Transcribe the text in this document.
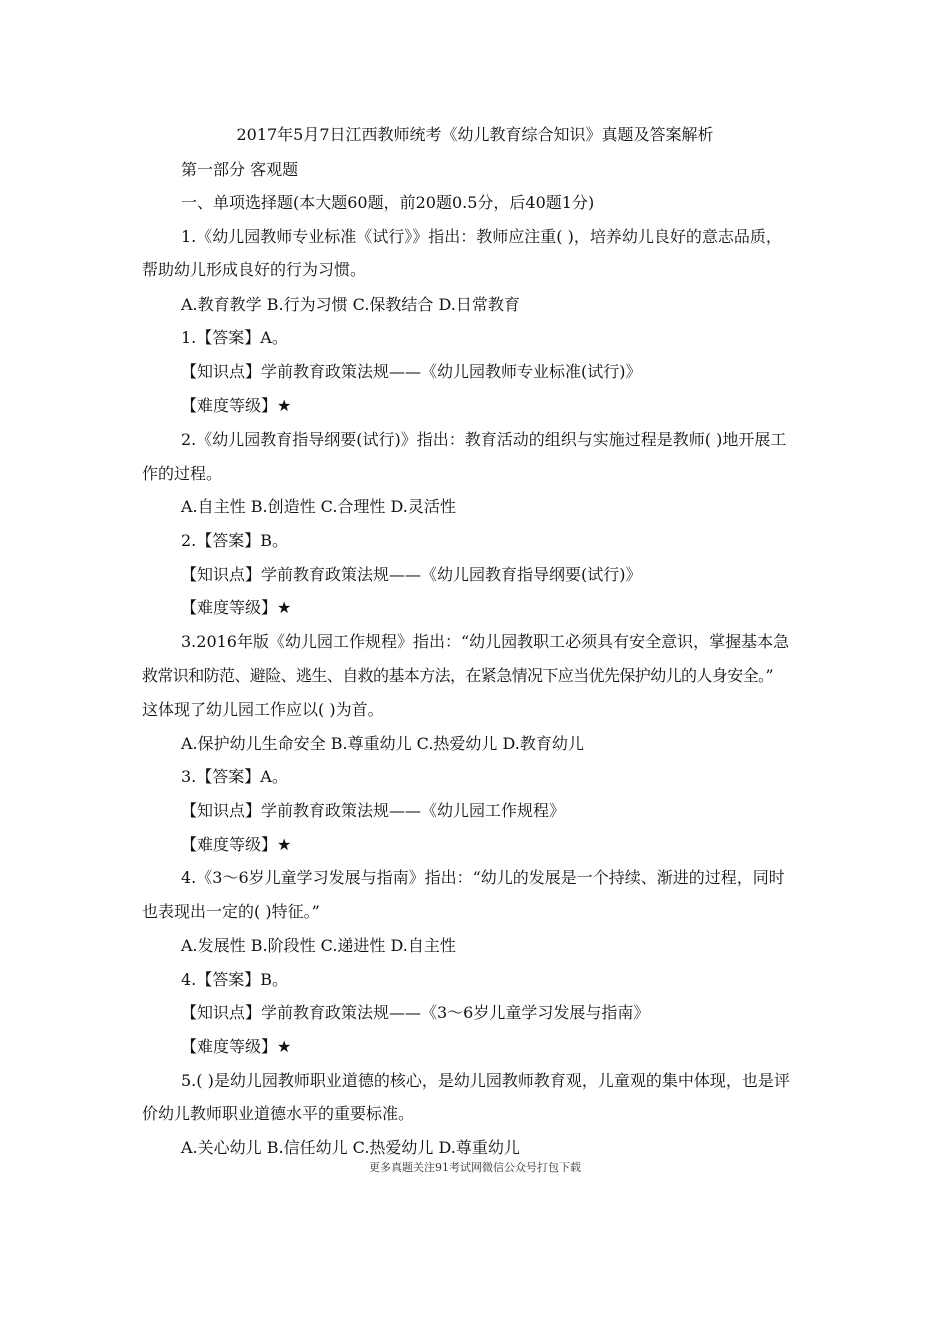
2017年5月7日江西教师统考《幼儿教育综合知识》真题及答案解析
第一部分 客观题
一、单项选择题(本大题60题，前20题0.5分，后40题1分)
1.《幼儿园教师专业标准《试行》》指出：教师应注重( )，培养幼儿良好的意志品质，
帮助幼儿形成良好的行为习惯。
A.教育教学 B.行为习惯 C.保教结合 D.日常教育
1.【答案】A。
【知识点】学前教育政策法规——《幼儿园教师专业标准(试行)》
【难度等级】★
2.《幼儿园教育指导纲要(试行)》指出：教育活动的组织与实施过程是教师( )地开展工
作的过程。
A.自主性 B.创造性 C.合理性 D.灵活性
2.【答案】B。
【知识点】学前教育政策法规——《幼儿园教育指导纲要(试行)》
【难度等级】★
3.2016年版《幼儿园工作规程》指出：“幼儿园教职工必须具有安全意识，掌握基本急
救常识和防范、避险、逃生、自救的基本方法，在紧急情况下应当优先保护幼儿的人身安全。”
这体现了幼儿园工作应以( )为首。
A.保护幼儿生命安全 B.尊重幼儿 C.热爱幼儿 D.教育幼儿
3.【答案】A。
【知识点】学前教育政策法规——《幼儿园工作规程》
【难度等级】★
4.《3～6岁儿童学习发展与指南》指出：“幼儿的发展是一个持续、渐进的过程，同时
也表现出一定的( )特征。”
A.发展性 B.阶段性 C.递进性 D.自主性
4.【答案】B。
【知识点】学前教育政策法规——《3～6岁儿童学习发展与指南》
【难度等级】★
5.( )是幼儿园教师职业道德的核心，是幼儿园教师教育观，儿童观的集中体现，也是评
价幼儿教师职业道德水平的重要标准。
A.关心幼儿 B.信任幼儿 C.热爱幼儿 D.尊重幼儿
更多真题关注91考试网微信公众号打包下载
